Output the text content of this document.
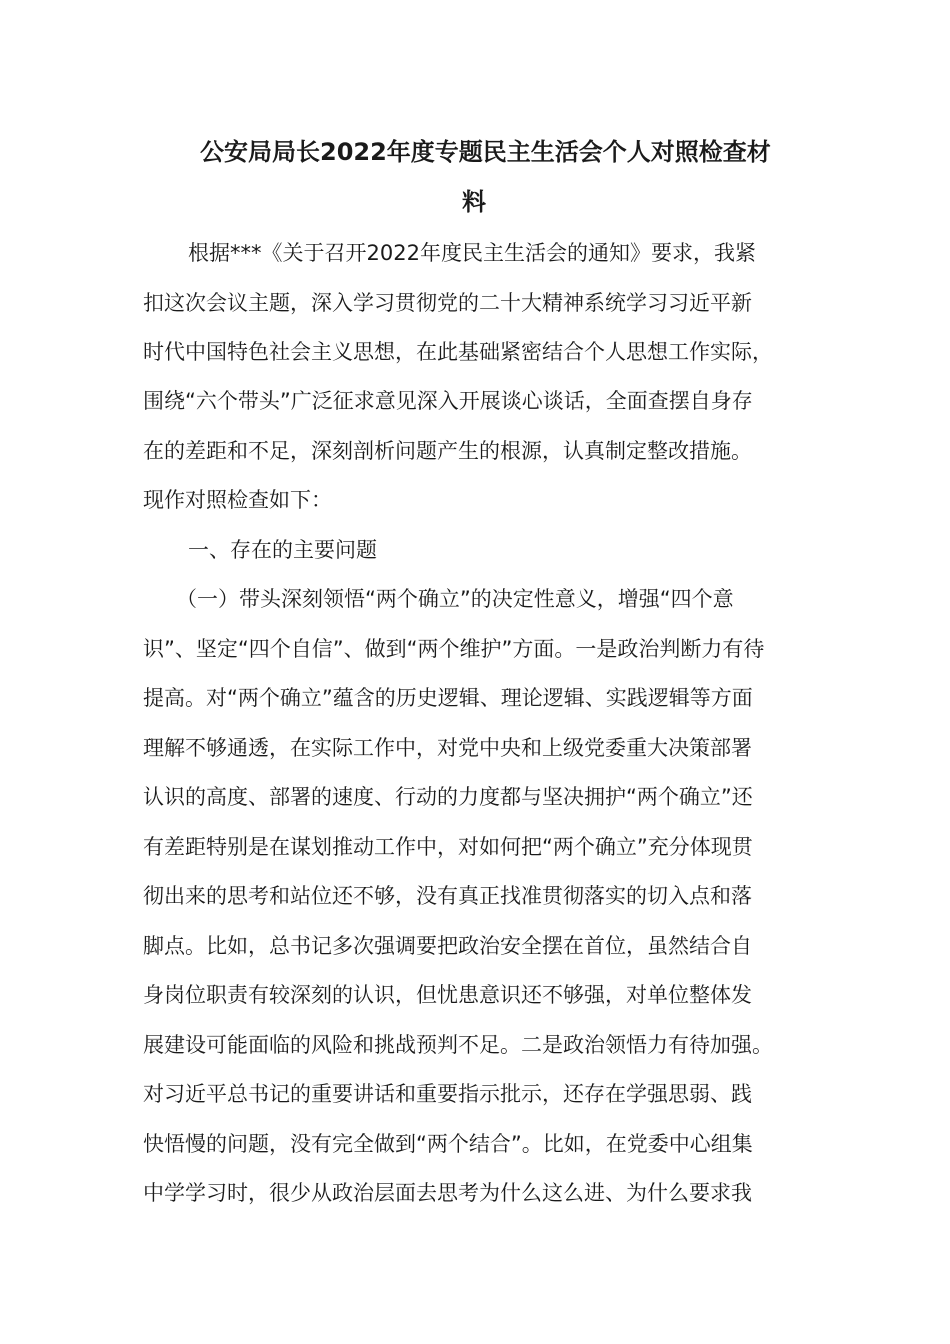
公安局局长2022年度专题民主生活会个人对照检查材
料
根据***《关于召开2022年度民主生活会的通知》要求，我紧
扣这次会议主题，深入学习贯彻党的二十大精神系统学习习近平新
时代中国特色社会主义思想，在此基础紧密结合个人思想工作实际，
围绕“六个带头”广泛征求意见深入开展谈心谈话，全面查摆自身存
在的差距和不足，深刻剖析问题产生的根源，认真制定整改措施。
现作对照检查如下：
一、存在的主要问题
（一）带头深刻领悟“两个确立”的决定性意义，增强“四个意
识”、坚定“四个自信”、做到“两个维护”方面。一是政治判断力有待
提高。对“两个确立”蕴含的历史逻辑、理论逻辑、实践逻辑等方面
理解不够通透，在实际工作中，对党中央和上级党委重大决策部署
认识的高度、部署的速度、行动的力度都与坚决拥护“两个确立”还
有差距特别是在谋划推动工作中，对如何把“两个确立”充分体现贯
彻出来的思考和站位还不够，没有真正找准贯彻落实的切入点和落
脚点。比如，总书记多次强调要把政治安全摆在首位，虽然结合自
身岗位职责有较深刻的认识，但忧患意识还不够强，对单位整体发
展建设可能面临的风险和挑战预判不足。二是政治领悟力有待加强。
对习近平总书记的重要讲话和重要指示批示，还存在学强思弱、践
快悟慢的问题，没有完全做到“两个结合”。比如，在党委中心组集
中学学习时，很少从政治层面去思考为什么这么进、为什么要求我
